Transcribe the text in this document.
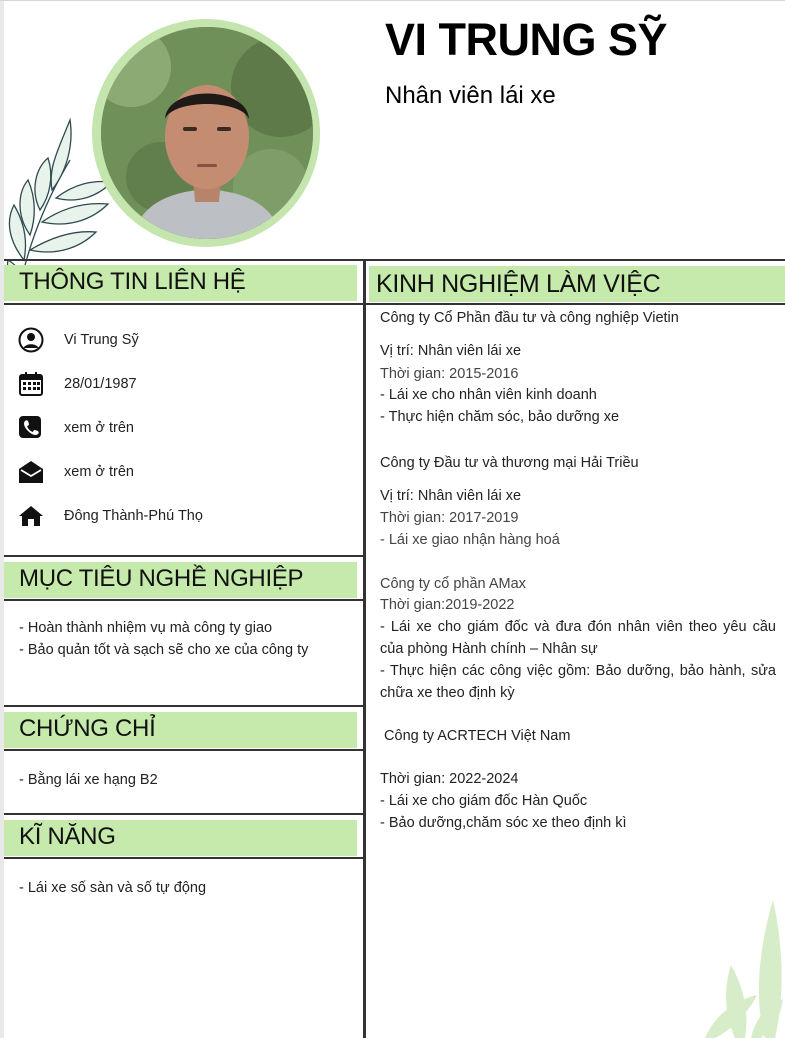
VI TRUNG SỸ
Nhân viên lái xe
THÔNG TIN LIÊN HỆ
Vi Trung Sỹ
28/01/1987
xem ở trên
xem ở trên
Đông Thành-Phú Thọ
MỤC TIÊU NGHỀ NGHIỆP
- Hoàn thành nhiệm vụ mà công ty giao
- Bảo quản tốt và sạch sẽ cho xe của công ty
CHỨNG CHỈ
- Bằng lái xe hạng B2
KĨ NĂNG
- Lái xe số sàn và số tự động
KINH NGHIỆM LÀM VIỆC
Công ty Cổ Phần đầu tư và công nghiệp Vietin
Vị trí: Nhân viên lái xe
Thời gian: 2015-2016
- Lái xe cho nhân viên kinh doanh
- Thực hiện chăm sóc, bảo dưỡng xe
Công ty Đầu tư và thương mại Hải Triều
Vị trí: Nhân viên lái xe
Thời gian: 2017-2019
- Lái xe giao nhận hàng hoá
Công ty cổ phần AMax
Thời gian:2019-2022
- Lái xe cho giám đốc và đưa đón nhân viên theo yêu cầu của phòng Hành chính – Nhân sự
- Thực hiện các công việc gồm: Bảo dưỡng, bảo hành, sửa chữa xe theo định kỳ
Công ty ACRTECH Việt Nam
Thời gian: 2022-2024
- Lái xe cho giám đốc Hàn Quốc
- Bảo dưỡng,chăm sóc xe theo định kì
